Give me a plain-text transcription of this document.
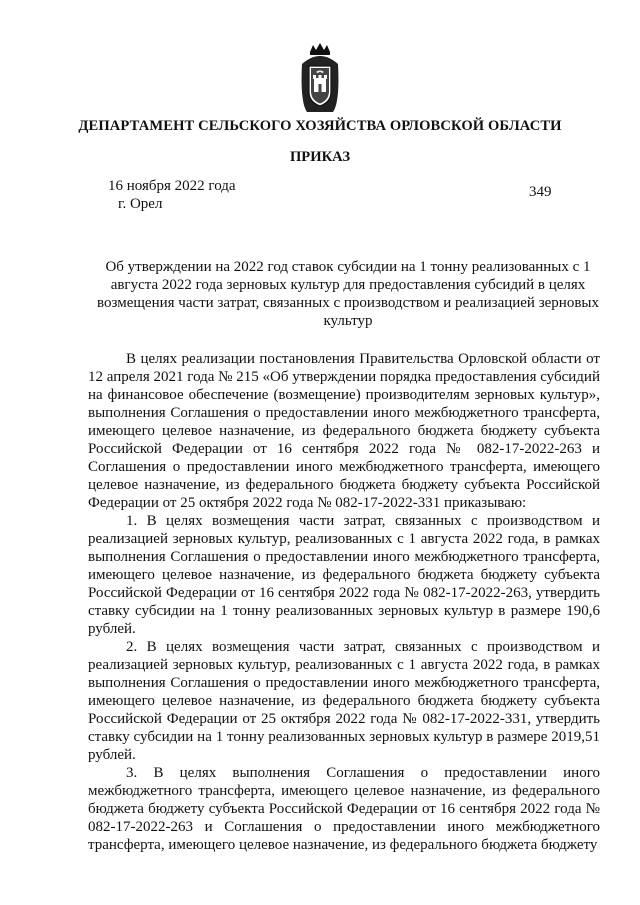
ДЕПАРТАМЕНТ СЕЛЬСКОГО ХОЗЯЙСТВА ОРЛОВСКОЙ ОБЛАСТИ
ПРИКАЗ
16 ноября 2022 года
г. Орел
349
Об утверждении на 2022 год ставок субсидии на 1 тонну реализованных с 1 августа 2022 года зерновых культур для предоставления субсидий в целях возмещения части затрат, связанных с производством и реализацией зерновых культур

В целях реализации постановления Правительства Орловской области от 12 апреля 2021 года № 215 «Об утверждении порядка предоставления субсидий на финансовое обеспечение (возмещение) производителям зерновых культур», выполнения Соглашения о предоставлении иного межбюджетного трансферта, имеющего целевое назначение, из федерального бюджета бюджету субъекта Российской Федерации от 16 сентября 2022 года № 082-17-2022-263 и Соглашения о предоставлении иного межбюджетного трансферта, имеющего целевое назначение, из федерального бюджета бюджету субъекта Российской Федерации от 25 октября 2022 года № 082-17-2022-331 приказываю:

1. В целях возмещения части затрат, связанных с производством и реализацией зерновых культур, реализованных с 1 августа 2022 года, в рамках выполнения Соглашения о предоставлении иного межбюджетного трансферта, имеющего целевое назначение, из федерального бюджета бюджету субъекта Российской Федерации от 16 сентября 2022 года № 082-17-2022-263, утвердить ставку субсидии на 1 тонну реализованных зерновых культур в размере 190,6 рублей.

2. В целях возмещения части затрат, связанных с производством и реализацией зерновых культур, реализованных с 1 августа 2022 года, в рамках выполнения Соглашения о предоставлении иного межбюджетного трансферта, имеющего целевое назначение, из федерального бюджета бюджету субъекта Российской Федерации от 25 октября 2022 года № 082-17-2022-331, утвердить ставку субсидии на 1 тонну реализованных зерновых культур в размере 2019,51 рублей.

3. В целях выполнения Соглашения о предоставлении иного межбюджетного трансферта, имеющего целевое назначение, из федерального бюджета бюджету субъекта Российской Федерации от 16 сентября 2022 года № 082-17-2022-263 и Соглашения о предоставлении иного межбюджетного трансферта, имеющего целевое назначение, из федерального бюджета бюджету
